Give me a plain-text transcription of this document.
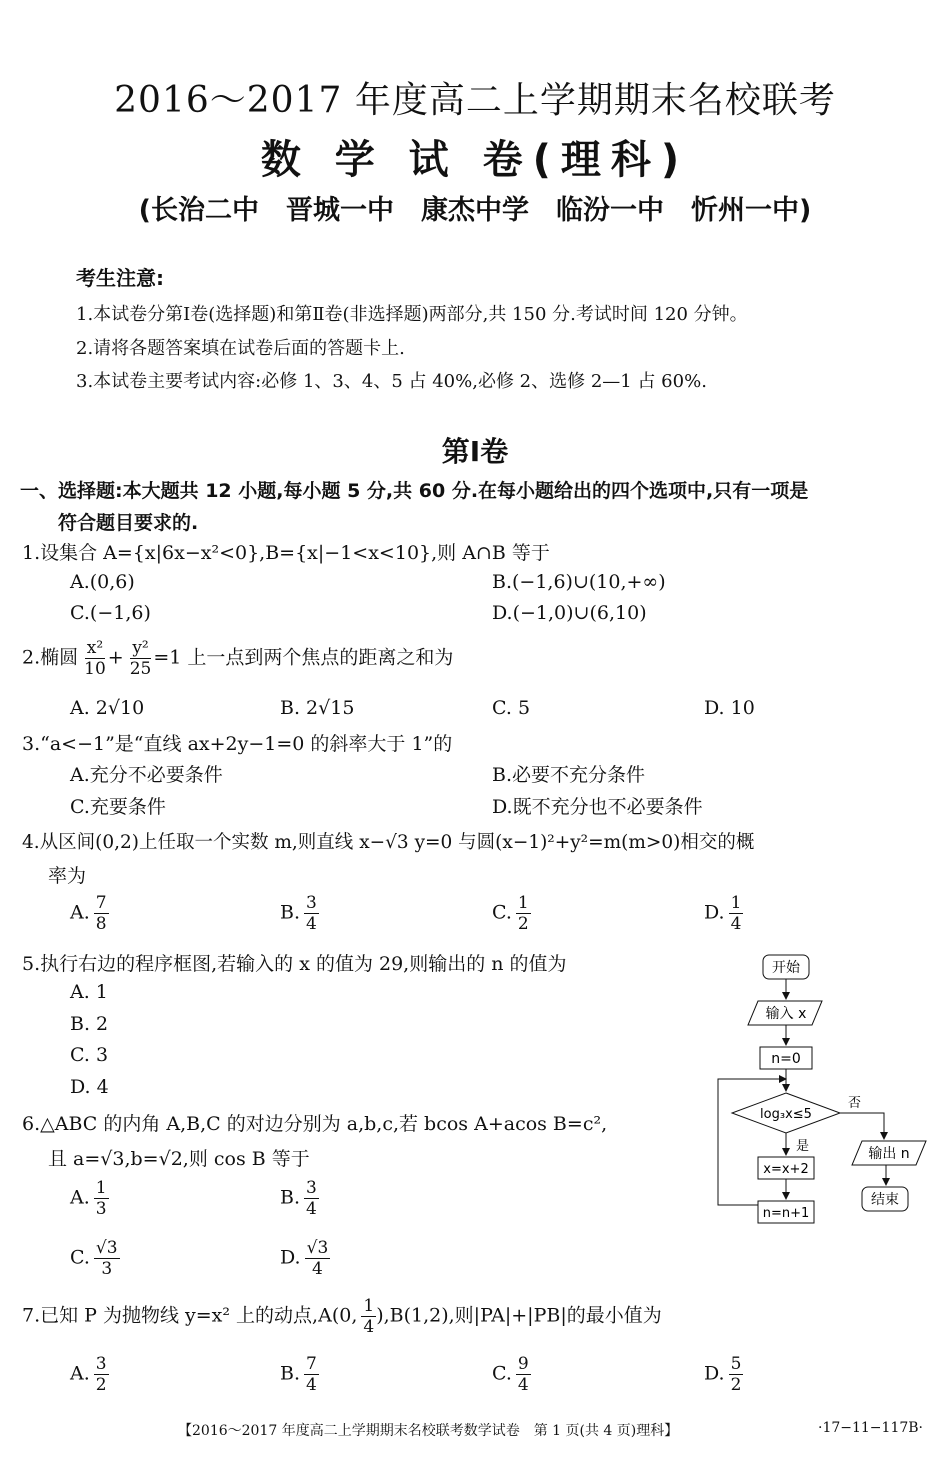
2016～2017 年度高二上学期期末名校联考
数 学 试 卷(理科)
(长治二中　晋城一中　康杰中学　临汾一中　忻州一中)
考生注意:
1.本试卷分第Ⅰ卷(选择题)和第Ⅱ卷(非选择题)两部分,共 150 分.考试时间 120 分钟。
2.请将各题答案填在试卷后面的答题卡上.
3.本试卷主要考试内容:必修 1、3、4、5 占 40%,必修 2、选修 2—1 占 60%.
第Ⅰ卷
一、选择题:本大题共 12 小题,每小题 5 分,共 60 分.在每小题给出的四个选项中,只有一项是
符合题目要求的.
1.设集合 A={x|6x−x²<0},B={x|−1<x<10},则 A∩B 等于
A.(0,6)	B.(−1,6)∪(10,+∞)
C.(−1,6)	D.(−1,0)∪(6,10)
2.椭圆 $\frac{\text{x²}}{10} + \frac{\text{y²}}{25} =1$ 上一点到两个焦点的距离之和为
A. 2√10	B. 2√15	C. 5	D. 10
3.“a<−1”是“直线 ax+2y−1=0 的斜率大于 1”的
A.充分不必要条件	B.必要不充分条件
C.充要条件	D.既不充分也不必要条件
4.从区间(0,2)上任取一个实数 m,则直线 x−√3 y=0 与圆(x−1)²+y²=m(m>0)相交的概
率为
A. $\frac{7}{8}$	B. $\frac{3}{4}$	C. $\frac{1}{2}$	D. $\frac{1}{4}$
5.执行右边的程序框图,若输入的 x 的值为 29,则输出的 n 的值为
A. 1
B. 2
C. 3
D. 4
开始
输入 x
n=0
log₃x≤5
否
输出 n
结束
是
x=x+2
n=n+1
6.△ABC 的内角 A,B,C 的对边分别为 a,b,c,若 bcos A+acos B=c²,
且 a=√3,b=√2,则 cos B 等于
A. $\frac{1}{3}$	B. $\frac{3}{4}$
C. $\frac{√3}{3}$	D. $\frac{√3}{4}$
7.已知 P 为抛物线 y=x² 上的动点,A(0, $\frac{1}{4} ),B(1,2)$,则|PA|+|PB|的最小值为
A. $\frac{3}{2}$	B. $\frac{7}{4}$	C. $\frac{9}{4}$	D. $\frac{5}{2}$
【2016～2017 年度高二上学期期末名校联考数学试卷　第 1 页(共 4 页)理科】	·17−11−117B·
